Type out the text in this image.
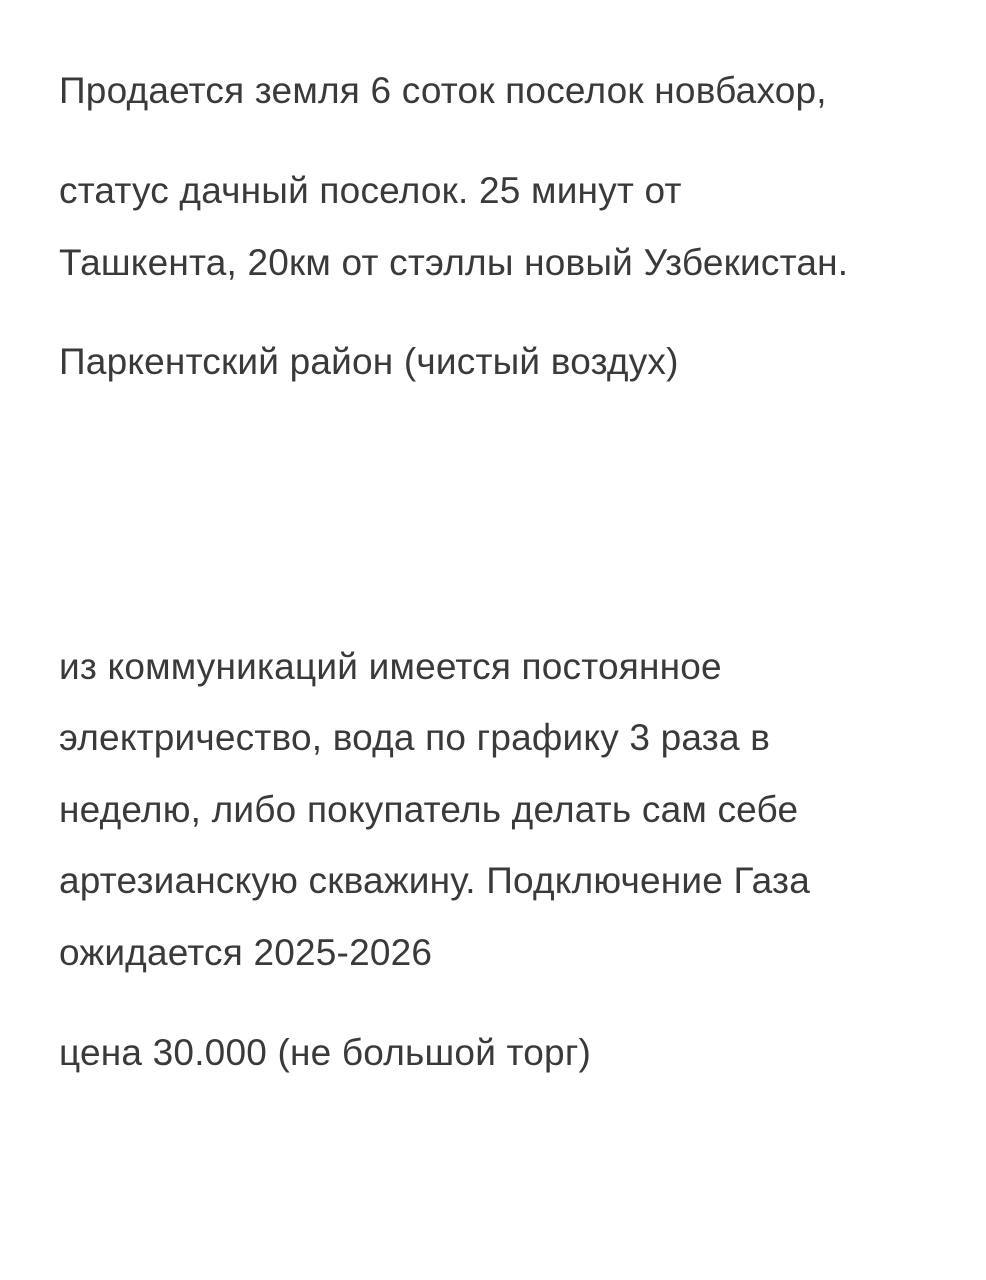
Продается земля 6 соток поселок новбахор,
статус дачный поселок. 25 минут от
Ташкента, 20км от стэллы новый Узбекистан.
Паркентский район (чистый воздух)
из коммуникаций имеется постоянное
электричество, вода по графику 3 раза в
неделю, либо покупатель делать сам себе
артезианскую скважину. Подключение Газа
ожидается 2025-2026
цена 30.000 (не большой торг)
